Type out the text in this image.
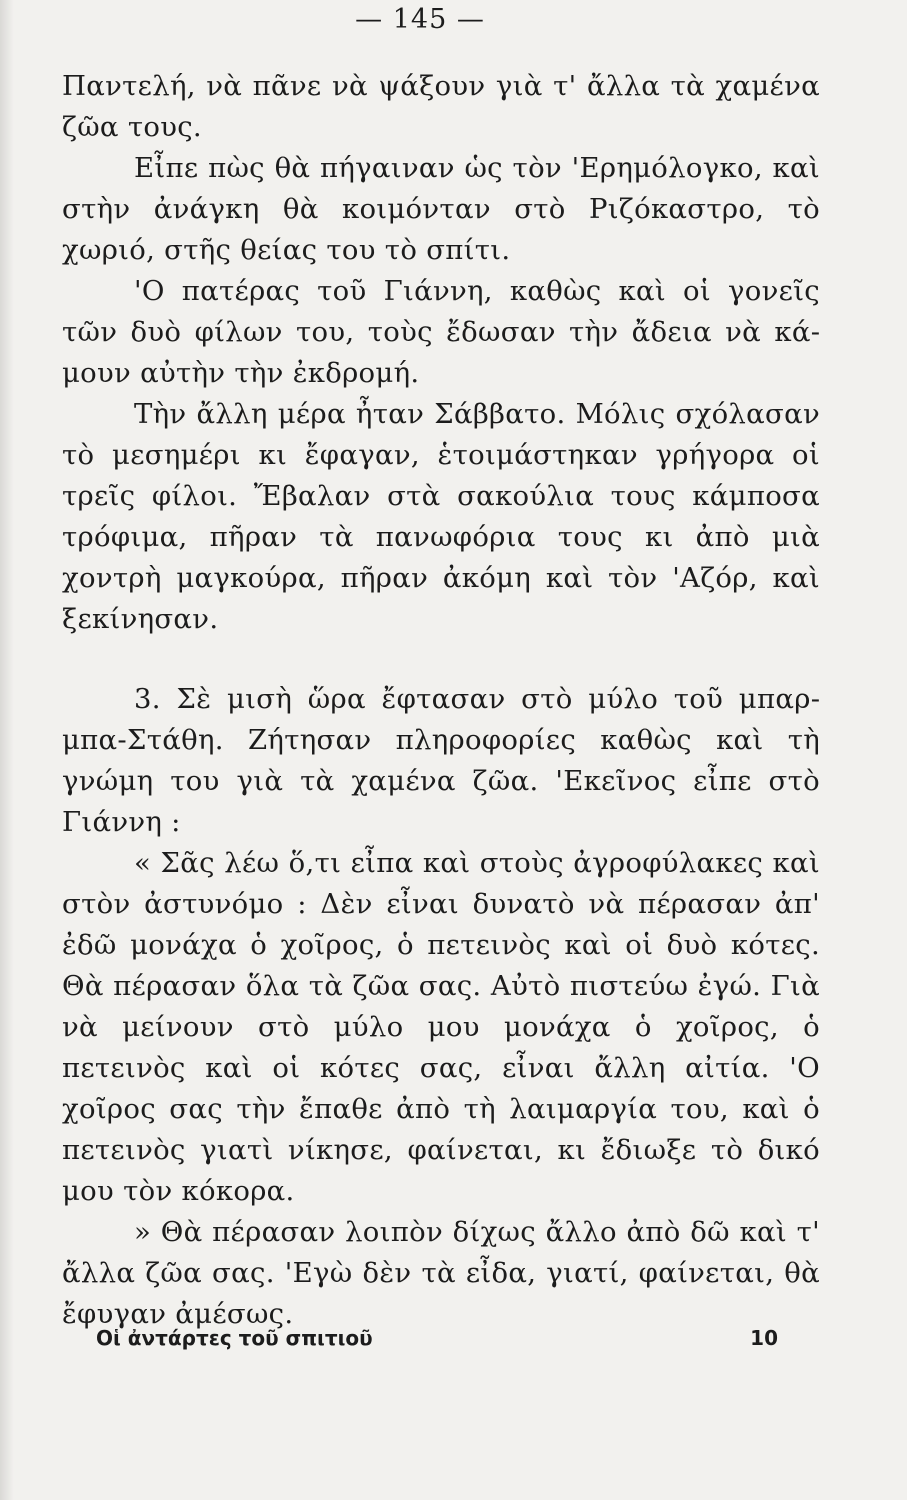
— 145 —

Παντελή, νὰ πᾶνε νὰ ψάξουν γιὰ τ' ἄλλα τὰ χαμένα ζῶα τους.

Εἶπε πὼς θὰ πήγαιναν ὡς τὸν 'Ερημόλογκο, καὶ στὴν ἀνάγκη θὰ κοιμόνταν στὸ Ριζόκαστρο, τὸ χωριό, στῆς θείας του τὸ σπίτι.

'Ο πατέρας τοῦ Γιάννη, καθὼς καὶ οἱ γονεῖς τῶν δυὸ φίλων του, τοὺς ἔδωσαν τὴν ἄδεια νὰ κάμουν αὐτὴν τὴν ἐκδρομή.

Τὴν ἄλλη μέρα ἦταν Σάββατο. Μόλις σχόλασαν τὸ μεσημέρι κι ἔφαγαν, ἑτοιμάστηκαν γρήγορα οἱ τρεῖς φίλοι. Ἔβαλαν στὰ σακούλια τους κάμποσα τρόφιμα, πῆραν τὰ πανωφόρια τους κι ἀπὸ μιὰ χοντρὴ μαγκούρα, πῆραν ἀκόμη καὶ τὸν 'Αζόρ, καὶ ξεκίνησαν.

3. Σὲ μισὴ ὥρα ἔφτασαν στὸ μύλο τοῦ μπαρμπα-Στάθη. Ζήτησαν πληροφορίες καθὼς καὶ τὴ γνώμη του γιὰ τὰ χαμένα ζῶα. 'Εκεῖνος εἶπε στὸ Γιάννη :

« Σᾶς λέω ὅ,τι εἶπα καὶ στοὺς ἀγροφύλακες καὶ στὸν ἀστυνόμο : Δὲν εἶναι δυνατὸ νὰ πέρασαν ἀπ' ἐδῶ μονάχα ὁ χοῖρος, ὁ πετεινὸς καὶ οἱ δυὸ κότες. Θὰ πέρασαν ὅλα τὰ ζῶα σας. Αὐτὸ πιστεύω ἐγώ. Γιὰ νὰ μείνουν στὸ μύλο μου μονάχα ὁ χοῖρος, ὁ πετεινὸς καὶ οἱ κότες σας, εἶναι ἄλλη αἰτία. 'Ο χοῖρος σας τὴν ἔπαθε ἀπὸ τὴ λαιμαργία του, καὶ ὁ πετεινὸς γιατὶ νίκησε, φαίνεται, κι ἔδιωξε τὸ δικό μου τὸν κόκορα.

» Θὰ πέρασαν λοιπὸν δίχως ἄλλο ἀπὸ δῶ καὶ τ' ἄλλα ζῶα σας. 'Εγὼ δὲν τὰ εἶδα, γιατί, φαίνεται, θὰ ἔφυγαν ἀμέσως.

Οἱ ἀντάρτες τοῦ σπιτιοῦ	10
